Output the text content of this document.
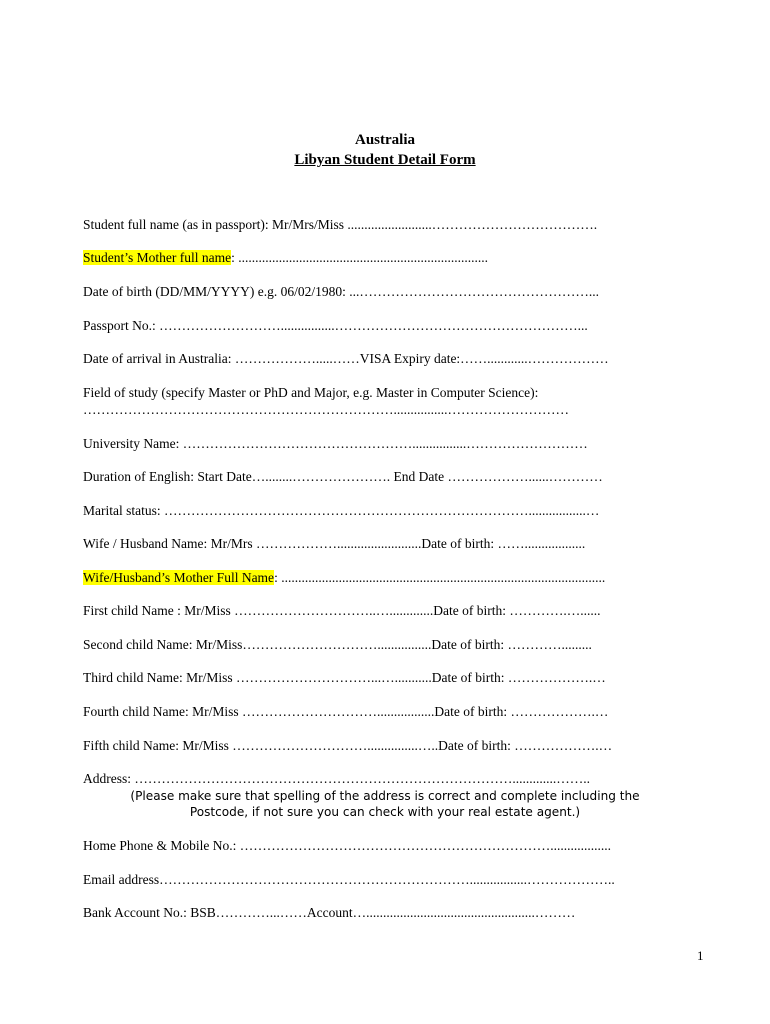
Australia
Libyan Student Detail Form
Student full name (as in passport): Mr/Mrs/Miss .........................……………………………….
Student’s Mother full name: ..........................................................................
Date of birth (DD/MM/YYYY) e.g. 06/02/1980: ...……………………………………………...
Passport No.: ………………………................………………………………………………...
Date of arrival in Australia: ……………….....……VISA Expiry date:……............………………
Field of study (specify Master or PhD and Major, e.g. Master in Computer Science):
……………………………………………………………................………………………
University Name: ……………………………………………................………………………
Duration of English: Start Date…........…………………. End Date ………………......…………
Marital status: ……………………………………………………………………….................…
Wife / Husband Name: Mr/Mrs ……………….........................Date of birth: ……..................
Wife/Husband’s Mother Full Name: ................................................................................................
First child Name : Mr/Miss …………………………..….............Date of birth: ………….…......
Second child Name: Mr/Miss…………………………................Date of birth: ………….........
Third child Name: Mr/Miss …………………………...…...........Date of birth: ……………….…
Fourth child Name: Mr/Miss ………………………….................Date of birth: ……………….…
Fifth child Name: Mr/Miss …………………………...............…..Date of birth: ……………….…
Address: ………………………………………………………………………….............……..
(Please make sure that spelling of the address is correct and complete including the
Postcode, if not sure you can check with your real estate agent.)
Home Phone & Mobile No.: ……………………………………………………………..................
Email address…………………………………………………………….................………………..
Bank Account No.: BSB…………...……Account…..................................................………
1
